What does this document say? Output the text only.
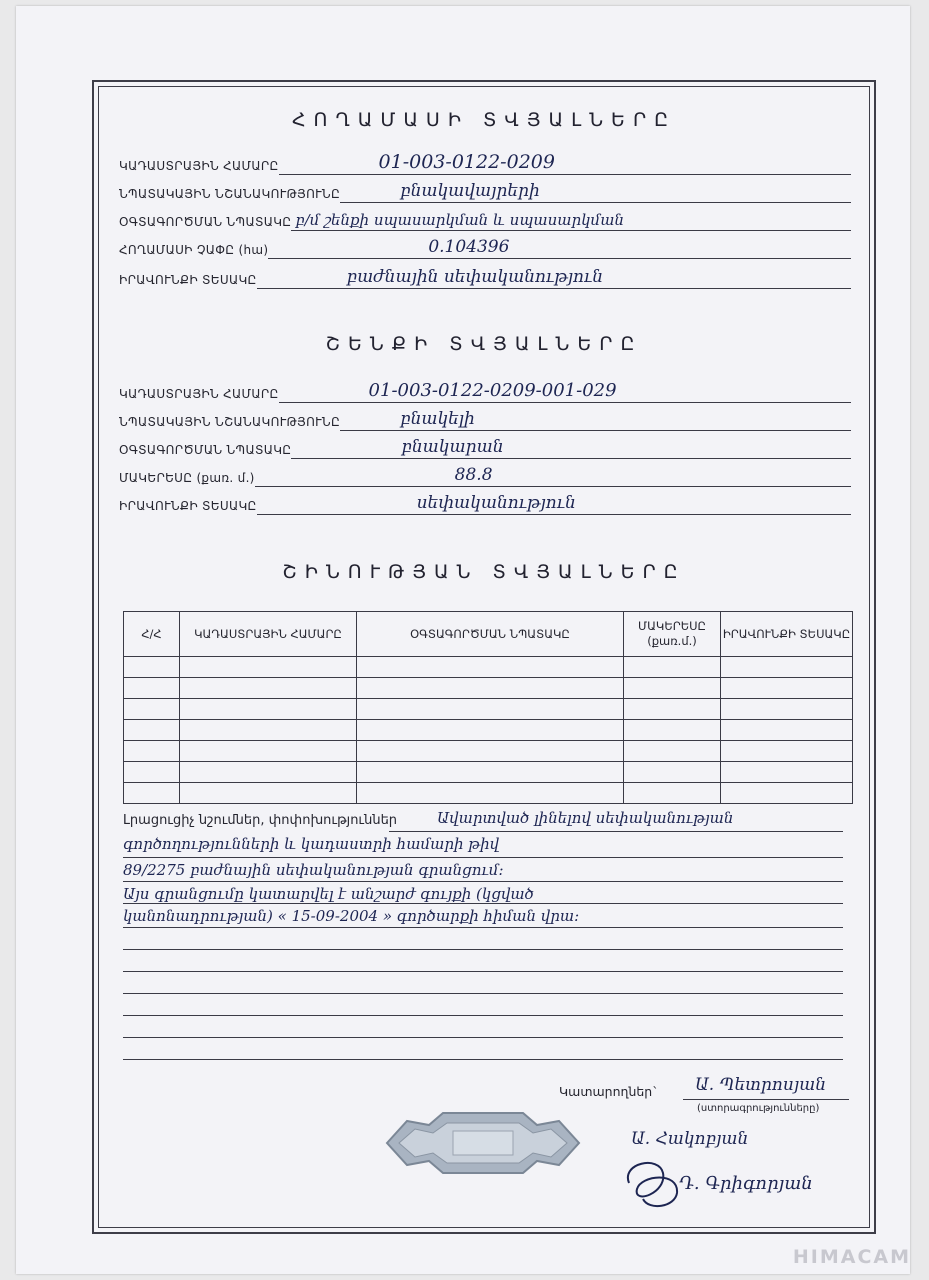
ՀՈՂԱՄԱՍԻ ՏՎՅԱԼՆԵՐԸ
ԿԱԴԱՍՏՐԱՅԻՆ ՀԱՄԱՐԸ	01-003-0122-0209
ՆՊԱՏԱԿԱՅԻՆ ՆՇԱՆԱԿՈՒԹՅՈՒՆԸ	բնակավայրերի
ՕԳՏԱԳՈՐԾՄԱՆ ՆՊԱՏԱԿԸ բ/մ շենքի սպասարկման և սպասարկման
ՀՈՂԱՄԱՍԻ ՉԱՓԸ (հա)	0.104396
ԻՐԱՎՈՒՆՔԻ ՏԵՍԱԿԸ	բաժնային սեփականություն
ՇԵՆՔԻ ՏՎՅԱԼՆԵՐԸ
ԿԱԴԱՍՏՐԱՅԻՆ ՀԱՄԱՐԸ	01-003-0122-0209-001-029
ՆՊԱՏԱԿԱՅԻՆ ՆՇԱՆԱԿՈՒԹՅՈՒՆԸ	բնակելի
ՕԳՏԱԳՈՐԾՄԱՆ ՆՊԱՏԱԿԸ	բնակարան
ՄԱԿԵՐԵՍԸ (քառ. մ.)	88.8
ԻՐԱՎՈՒՆՔԻ ՏԵՍԱԿԸ	սեփականություն
ՇԻՆՈՒԹՅԱՆ ՏՎՅԱԼՆԵՐԸ
Հ/Հ	ԿԱԴԱՍՏՐԱՅԻՆ ՀԱՄԱՐԸ	ՕԳՏԱԳՈՐԾՄԱՆ ՆՊԱՏԱԿԸ	ՄԱԿԵՐԵՍԸ (քառ.մ.)	ԻՐԱՎՈՒՆՔԻ ՏԵՍԱԿԸ

Լրացուցիչ նշումներ, փոփոխություններ	Ավարտված լինելով սեփականության
գործողությունների և կադաստրի համարի թիվ
89/2275 բաժնային սեփականության գրանցում։
Այս գրանցումը կատարվել է անշարժ գույքի (կցված
կանոնադրության) « 15-09-2004 » գործարքի հիման վրա։
Կատարողներ`
(ստորագրությունները)
Ա. Պետրոսյան
Ա. Հակոբյան
Դ. Գրիգորյան
HIMACAM
